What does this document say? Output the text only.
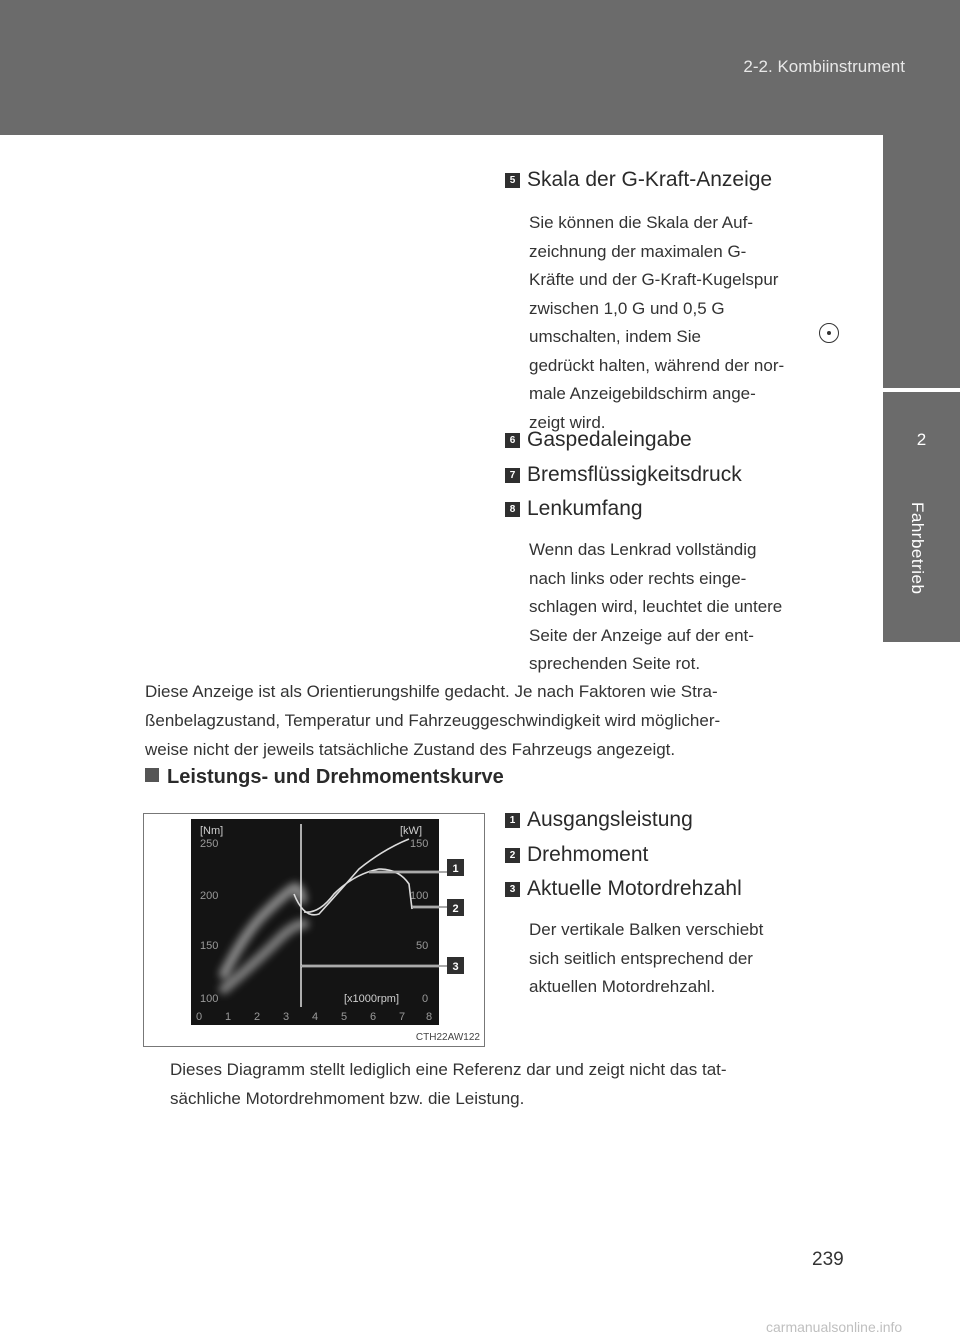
2-2. Kombiinstrument
2
Fahrbetrieb
5 Skala der G-Kraft-Anzeige
Sie können die Skala der Auf-
zeichnung der maximalen G-
Kräfte und der G-Kraft-Kugelspur
zwischen 1,0 G und 0,5 G
umschalten, indem Sie
gedrückt halten, während der nor-
male Anzeigebildschirm ange-
zeigt wird.
6 Gaspedaleingabe
7 Bremsflüssigkeitsdruck
8 Lenkumfang
Wenn das Lenkrad vollständig
nach links oder rechts einge-
schlagen wird, leuchtet die untere
Seite der Anzeige auf der ent-
sprechenden Seite rot.
Diese Anzeige ist als Orientierungshilfe gedacht. Je nach Faktoren wie Stra-
ßenbelagzustand, Temperatur und Fahrzeuggeschwindigkeit wird möglicher-
weise nicht der jeweils tatsächliche Zustand des Fahrzeugs angezeigt.
Leistungs- und Drehmomentskurve
[Nm]	[kW]
250
200
150
100
150
100
50
0
[x1000rpm]
0 1 2 3 4 5 6 7 8
1
2
3
CTH22AW122
1 Ausgangsleistung
2 Drehmoment
3 Aktuelle Motordrehzahl
Der vertikale Balken verschiebt
sich seitlich entsprechend der
aktuellen Motordrehzahl.
Dieses Diagramm stellt lediglich eine Referenz dar und zeigt nicht das tat-
sächliche Motordrehmoment bzw. die Leistung.
239
carmanualsonline.info
